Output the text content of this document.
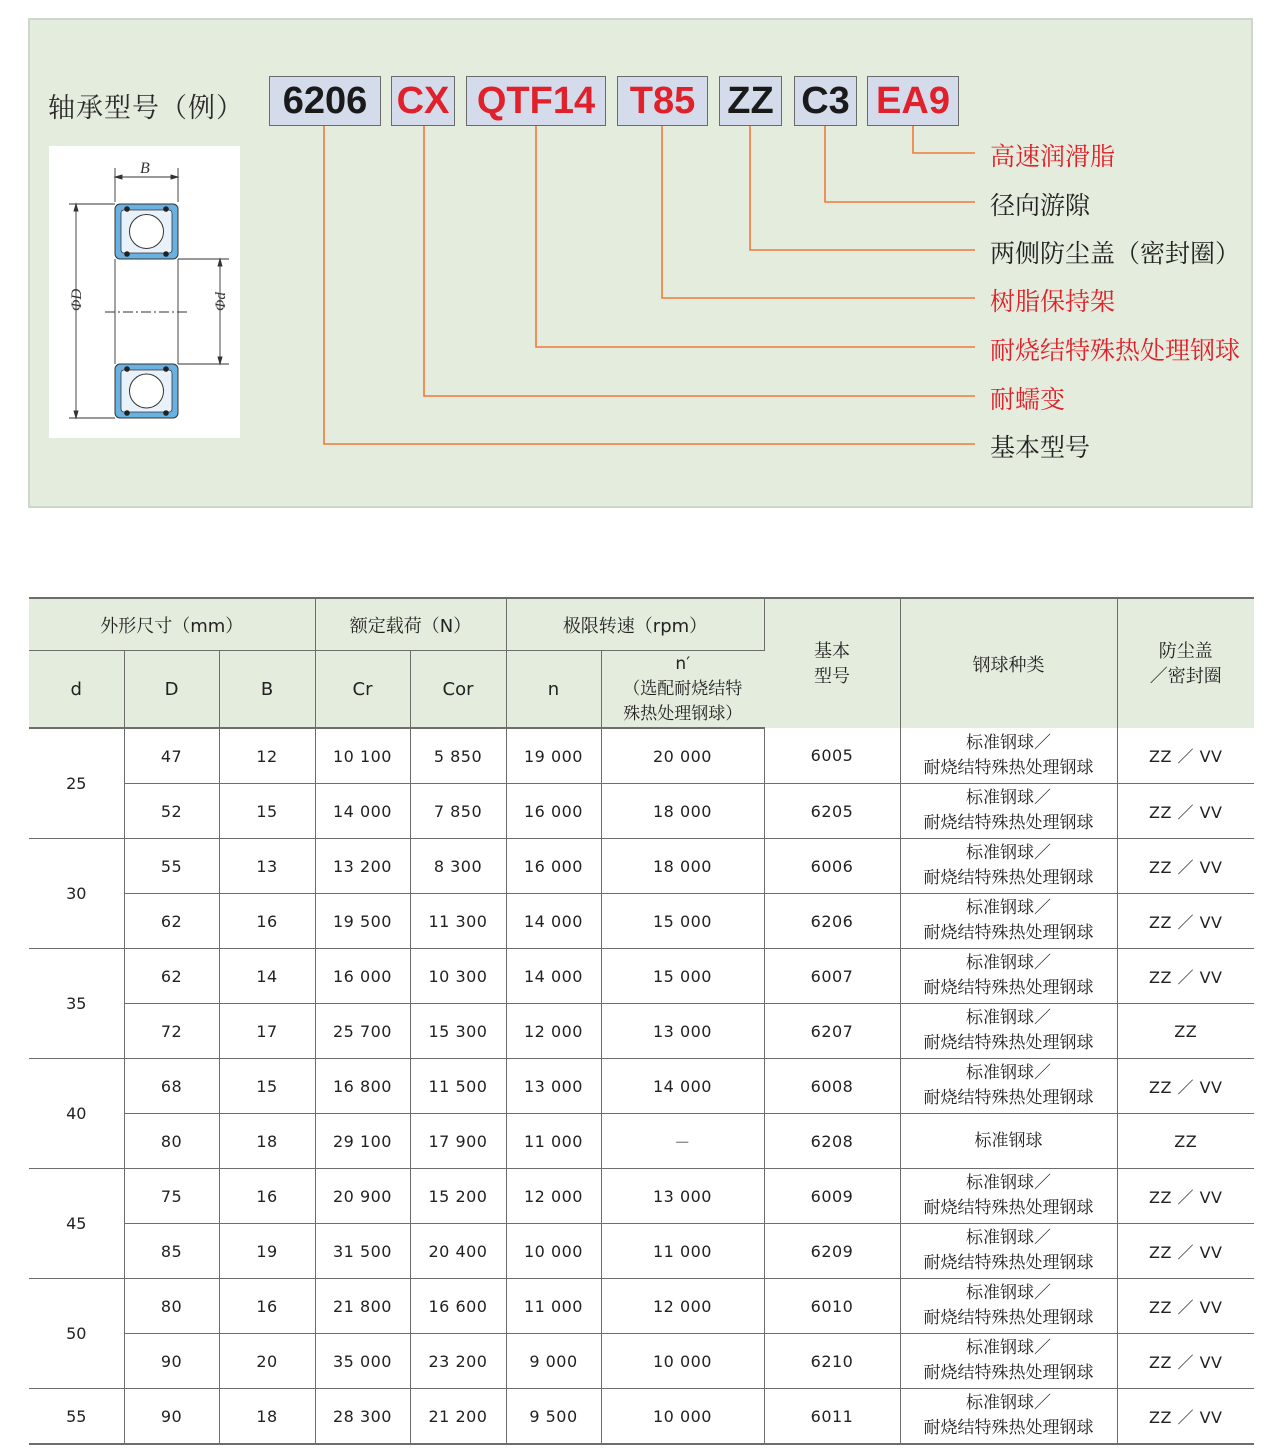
轴承型号（例）	6206 CX QTF14 T85 ZZ C3 EA9
高速润滑脂
径向游隙
两侧防尘盖（密封圈）
树脂保持架
耐烧结特殊热处理钢球
耐蠕变
基本型号
B
ΦD	Φd
外形尺寸（mm）			额定载荷（N）		极限转速（rpm）		基本
型号	钢球种类	防尘盖
／密封圈
d	D	B	Cr	Cor	n	n′
（选配耐烧结特
殊热处理钢球）			
25	47	12	10 100	5 850	19 000	20 000	6005	标准钢球／
耐烧结特殊热处理钢球	ZZ ／ VV
	52	15	14 000	7 850	16 000	18 000	6205	标准钢球／
耐烧结特殊热处理钢球	ZZ ／ VV
30	55	13	13 200	8 300	16 000	18 000	6006	标准钢球／
耐烧结特殊热处理钢球	ZZ ／ VV
	62	16	19 500	11 300	14 000	15 000	6206	标准钢球／
耐烧结特殊热处理钢球	ZZ ／ VV
35	62	14	16 000	10 300	14 000	15 000	6007	标准钢球／
耐烧结特殊热处理钢球	ZZ ／ VV
	72	17	25 700	15 300	12 000	13 000	6207	标准钢球／
耐烧结特殊热处理钢球	ZZ
40	68	15	16 800	11 500	13 000	14 000	6008	标准钢球／
耐烧结特殊热处理钢球	ZZ ／ VV
	80	18	29 100	17 900	11 000	－	6208	标准钢球	ZZ
45	75	16	20 900	15 200	12 000	13 000	6009	标准钢球／
耐烧结特殊热处理钢球	ZZ ／ VV
	85	19	31 500	20 400	10 000	11 000	6209	标准钢球／
耐烧结特殊热处理钢球	ZZ ／ VV
50	80	16	21 800	16 600	11 000	12 000	6010	标准钢球／
耐烧结特殊热处理钢球	ZZ ／ VV
	90	20	35 000	23 200	9 000	10 000	6210	标准钢球／
耐烧结特殊热处理钢球	ZZ ／ VV
55	90	18	28 300	21 200	9 500	10 000	6011	标准钢球／
耐烧结特殊热处理钢球	ZZ ／ VV
